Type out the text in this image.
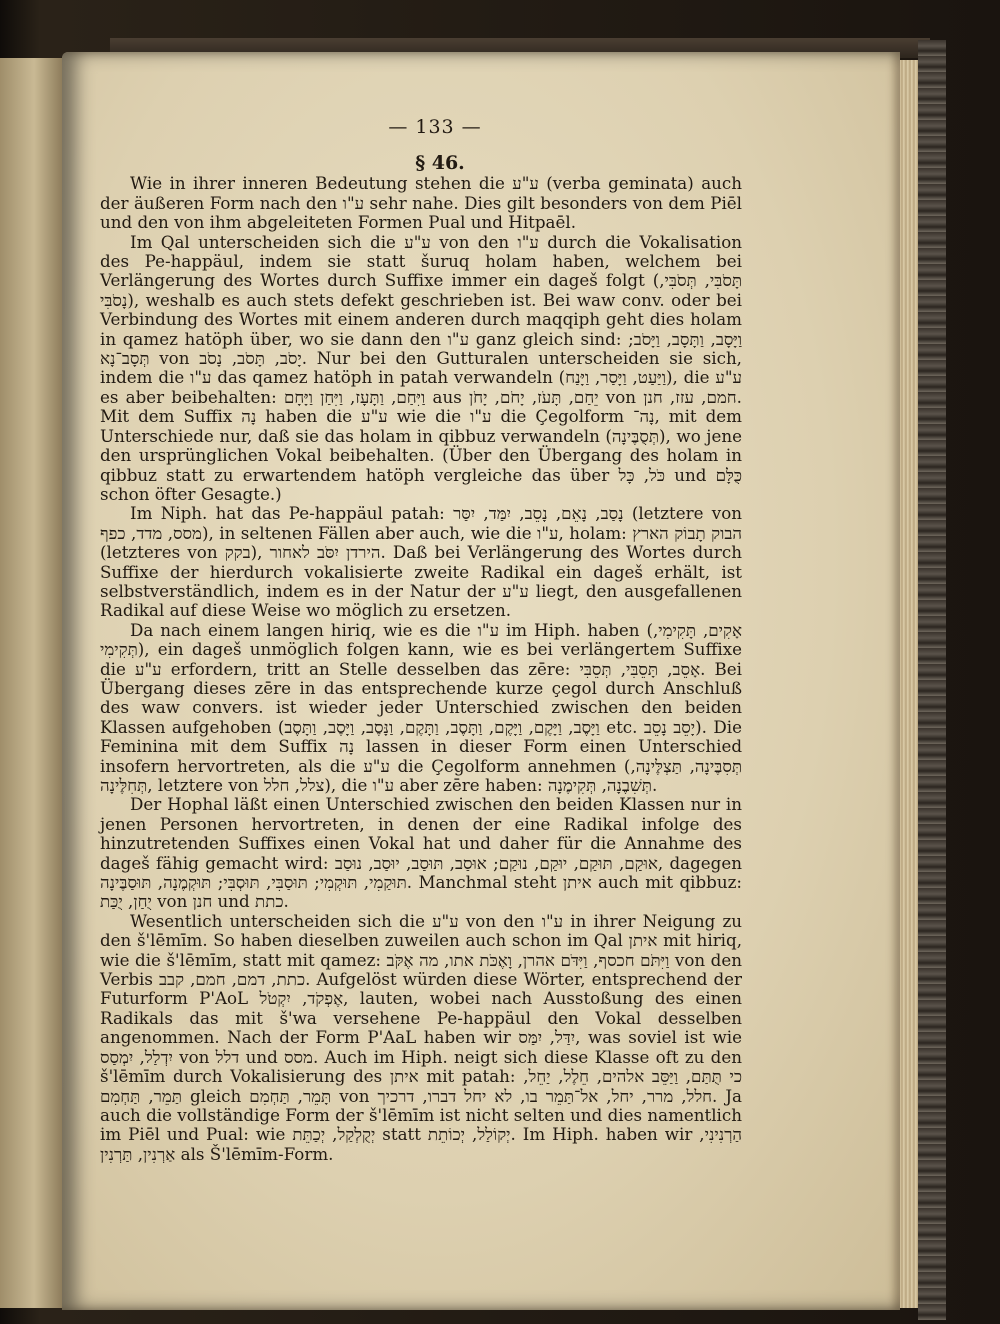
— 133 —
§ 46.

Wie in ihrer inneren Bedeutung stehen die ע"ע (verba geminata) auch der äußeren Form nach den ע"ו sehr nahe. Dies gilt besonders von dem Piēl und den von ihm abgeleiteten Formen Pual und Hitpaēl.

Im Qal unterscheiden sich die ע"ע von den ע"ו durch die Vokalisation des Pe-happäul, indem sie statt šuruq holam haben, welchem bei Verlängerung des Wortes durch Suffixe immer ein dageš folgt (תָּסֹבִּי, תְּסֹבִּי, נָסֹבִּי), weshalb es auch stets defekt geschrieben ist. Bei waw conv. oder bei Verbindung des Wortes mit einem anderen durch maqqiph geht dies holam in qamez hatöph über, wo sie dann den ע"ו ganz gleich sind: וַיָּסָב, וַתָּסָב, וַיָּסֹב; תְּסָב־נָא von יָסֹב, תָּסֹב, נָסֹב. Nur bei den Gutturalen unterscheiden sie sich, indem die ע"ו das qamez hatöph in patah verwandeln (וַיַּעַט, וַיָּסַר, וַיָּנַח), die ע"ע es aber beibehalten: וַיִּחַם, וַתָּעָז, וַיִּחַן וַיָּחָם aus יֵחַם, תָּעֹז, יָחֹם, יָחֹן von חמם, עזז, חנן. Mit dem Suffix נָה haben die ע"ע wie die ע"ו die Çegolform נָה־, mit dem Unterschiede nur, daß sie das holam in qibbuz verwandeln (תְּסֻבֶּינָה), wo jene den ursprünglichen Vokal beibehalten. (Über den Übergang des holam in qibbuz statt zu erwartendem hatöph vergleiche das über כֹּל, כָּל und כֻּלָּם schon öfter Gesagte.)

Im Niph. hat das Pe-happäul patah: נָסַב, נָאֵם, נָסֵב, יִמַּד, יִסַּר (letztere von מסס, מדד, כפף), in seltenen Fällen aber auch, wie die ע"ו, holam: הבוק תָבוֹק הארץ (letzteres von בקק), הירדן יִסֹּב לאחור. Daß bei Verlängerung des Wortes durch Suffixe der hierdurch vokalisierte zweite Radikal ein dageš erhält, ist selbstverständlich, indem es in der Natur der ע"ע liegt, den ausgefallenen Radikal auf diese Weise wo möglich zu ersetzen.

Da nach einem langen hiriq, wie es die ע"ו im Hiph. haben (אָקִים, תָּקִימִי, תְּקִימִי), ein dageš unmöglich folgen kann, wie es bei verlängertem Suffixe die ע"ע erfordern, tritt an Stelle desselben das zēre: אָסֵב, תָּסֵבִּי, תְּסֵבִּי. Bei Übergang dieses zēre in das entsprechende kurze çegol durch Anschluß des waw convers. ist wieder jeder Unterschied zwischen den beiden Klassen aufgehoben (וַיָּסֶב, וַיָּקֶם, וַיָּקֶם, וַתָּסֶב, וַתָּקֶם, וַנָּסֶב, וַיָּסֶב, וַתָּסֶב etc. יָסֵב נָסֵב). Die Feminina mit dem Suffix נָה lassen in dieser Form einen Unterschied insofern hervortreten, als die ע"ע die Çegolform annehmen (תְּסִבֶּינָה, תַּצְלֶּינָה, תְּחִלֶּינָה, letztere von צלל, חלל), die ע"ו aber zēre haben: תְּשִׁבֶנָה, תְּקִימֶנָה.

Der Hophal läßt einen Unterschied zwischen den beiden Klassen nur in jenen Personen hervortreten, in denen der eine Radikal infolge des hinzutretenden Suffixes einen Vokal hat und daher für die Annahme des dageš fähig gemacht wird: אוּקַם, תּוּקַם, יוּקַם, נוּקַם; אוּסַב, תּוּסַב, יוּסַב, נוּסַב, dagegen תּוּקַמִי, תּוּקְמִי; תּוּסַבִּי, תּוּסְבִּי; תּוּקְמֶנָה, תּוּסַבֶּינָה. Manchmal steht איתן auch mit qibbuz: יֻחַן, יֻכַּת von חנן und כתת.

Wesentlich unterscheiden sich die ע"ע von den ע"ו in ihrer Neigung zu den š'lēmīm. So haben dieselben zuweilen auch schon im Qal איתן mit hiriq, wie die š'lēmīm, statt mit qamez: וַיִּתֹּם חכסף, וַיִּדֹּם אהרן, וָאֶכֹּת אתו, מה אֶקֹּב von den Verbis כתת, דמם, חמם, קבב. Aufgelöst würden diese Wörter, entsprechend der Futurform P'AoL אֶפְקֹד, יִקְטֹל, lauten, wobei nach Ausstoßung des einen Radikals das mit š'wa versehene Pe-happäul den Vokal desselben angenommen. Nach der Form P'AaL haben wir יִדַּל, יִמַּס, was soviel ist wie יִדְלַל, יִמְסַס von דלל und מסס. Auch im Hiph. neigt sich diese Klasse oft zu den š'lēmīm durch Vokalisierung des איתן mit patah: כי תֻּתַּם, וַיַּסֵּב אלהים, חֵלֶל, יַחֵל, תַּמֵר, תַּחְמִם gleich תָּמֵר, תַּחְמִם von חלל, מרר, יחל, אל־תַּמֵר בו, לא יחל דברו, דרכיך. Ja auch die vollständige Form der š'lēmīm ist nicht selten und dies namentlich im Piēl und Pual: wie יְקֻלְקַל, יְכַתֵּת statt יְקוֹלַל, יְכוֹתֵת. Im Hiph. haben wir הַרְנִינִי, אַרְנִין, תַּרְנִין als Š'lēmīm-Form.
